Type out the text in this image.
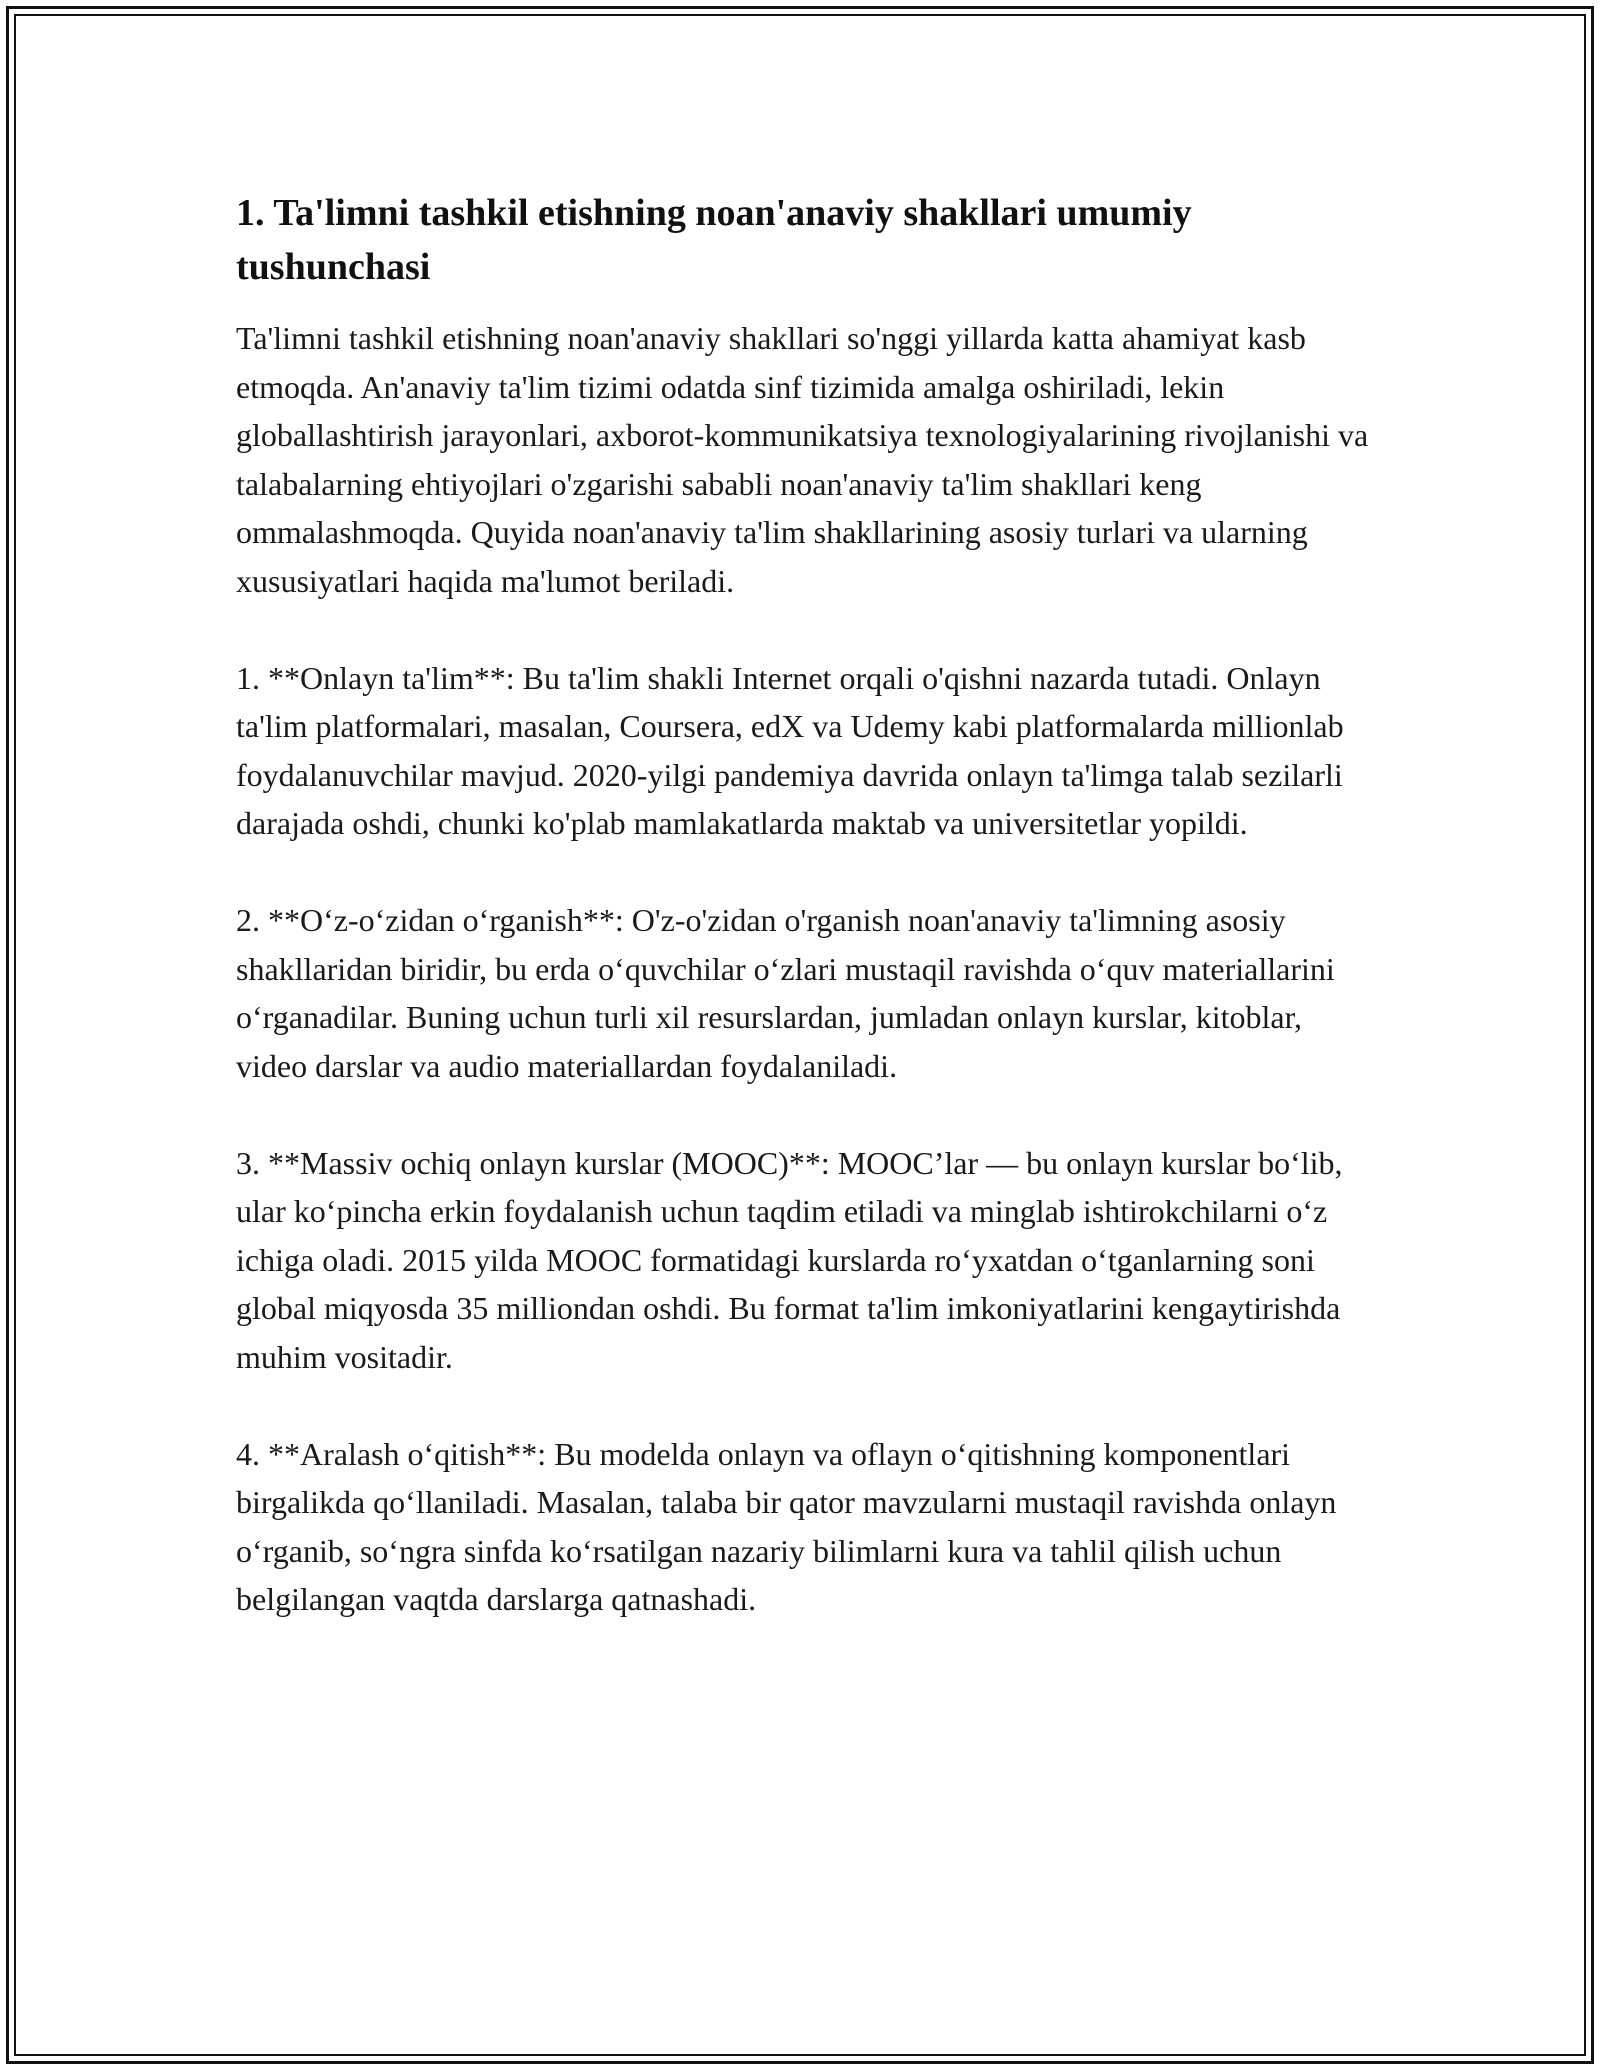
1. Ta'limni tashkil etishning noan'anaviy shakllari umumiy tushunchasi

Ta'limni tashkil etishning noan'anaviy shakllari so'nggi yillarda katta ahamiyat kasb etmoqda. An'anaviy ta'lim tizimi odatda sinf tizimida amalga oshiriladi, lekin globallashtirish jarayonlari, axborot-kommunikatsiya texnologiyalarining rivojlanishi va talabalarning ehtiyojlari o'zgarishi sababli noan'anaviy ta'lim shakllari keng ommalashmoqda. Quyida noan'anaviy ta'lim shakllarining asosiy turlari va ularning xususiyatlari haqida ma'lumot beriladi.

1. **Onlayn ta'lim**: Bu ta'lim shakli Internet orqali o'qishni nazarda tutadi. Onlayn ta'lim platformalari, masalan, Coursera, edX va Udemy kabi platformalarda millionlab foydalanuvchilar mavjud. 2020-yilgi pandemiya davrida onlayn ta'limga talab sezilarli darajada oshdi, chunki ko'plab mamlakatlarda maktab va universitetlar yopildi.

2. **O‘z-o‘zidan o‘rganish**: O'z-o'zidan o'rganish noan'anaviy ta'limning asosiy shakllaridan biridir, bu erda o‘quvchilar o‘zlari mustaqil ravishda o‘quv materiallarini o‘rganadilar. Buning uchun turli xil resurslardan, jumladan onlayn kurslar, kitoblar, video darslar va audio materiallardan foydalaniladi.

3. **Massiv ochiq onlayn kurslar (MOOC)**: MOOC’lar — bu onlayn kurslar bo‘lib, ular ko‘pincha erkin foydalanish uchun taqdim etiladi va minglab ishtirokchilarni o‘z ichiga oladi. 2015 yilda MOOC formatidagi kurslarda ro‘yxatdan o‘tganlarning soni global miqyosda 35 milliondan oshdi. Bu format ta'lim imkoniyatlarini kengaytirishda muhim vositadir.

4. **Aralash o‘qitish**: Bu modelda onlayn va oflayn o‘qitishning komponentlari birgalikda qo‘llaniladi. Masalan, talaba bir qator mavzularni mustaqil ravishda onlayn o‘rganib, so‘ngra sinfda ko‘rsatilgan nazariy bilimlarni kura va tahlil qilish uchun belgilangan vaqtda darslarga qatnashadi.
